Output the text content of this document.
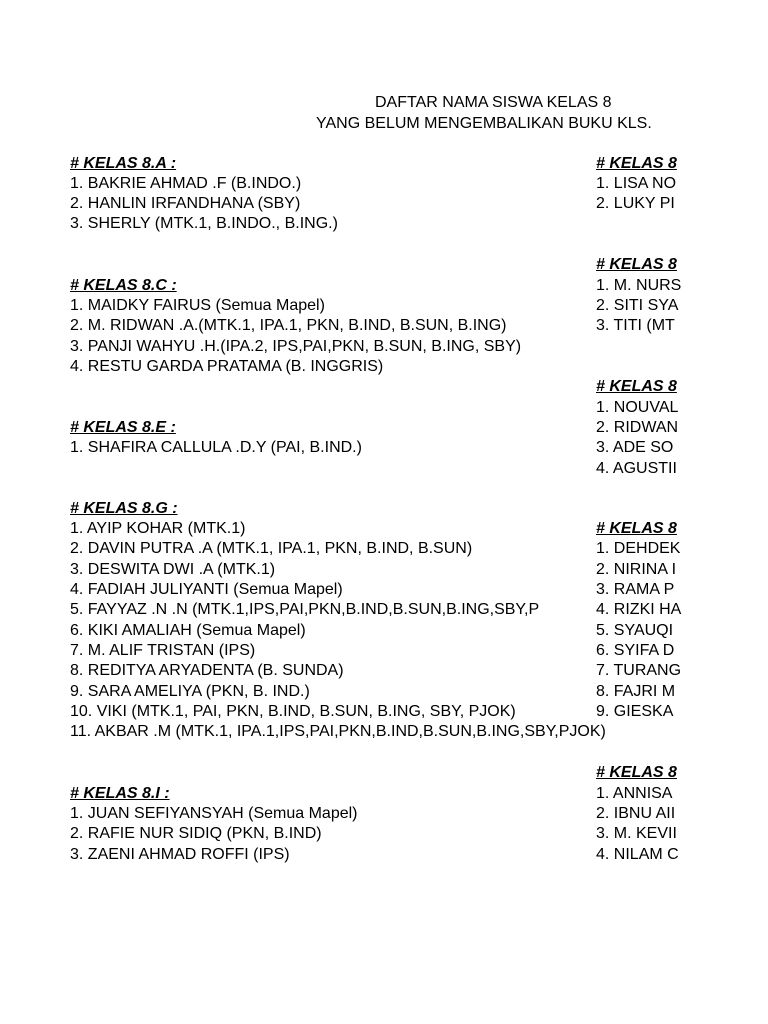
DAFTAR NAMA SISWA KELAS 8
YANG BELUM MENGEMBALIKAN BUKU KLS.
# KELAS 8.A :
1. BAKRIE AHMAD .F (B.INDO.)
2. HANLIN IRFANDHANA (SBY)
3. SHERLY (MTK.1, B.INDO., B.ING.)
# KELAS 8.C :
1. MAIDKY FAIRUS (Semua Mapel)
2. M. RIDWAN .A.(MTK.1, IPA.1, PKN, B.IND, B.SUN, B.ING)
3. PANJI WAHYU .H.(IPA.2, IPS,PAI,PKN, B.SUN, B.ING, SBY)
4. RESTU GARDA PRATAMA (B. INGGRIS)
# KELAS 8.E :
1. SHAFIRA CALLULA .D.Y (PAI, B.IND.)
# KELAS 8.G :
1. AYIP KOHAR (MTK.1)
2. DAVIN PUTRA .A (MTK.1, IPA.1, PKN, B.IND, B.SUN)
3. DESWITA DWI .A (MTK.1)
4. FADIAH JULIYANTI (Semua Mapel)
5. FAYYAZ .N .N (MTK.1,IPS,PAI,PKN,B.IND,B.SUN,B.ING,SBY,P
6. KIKI AMALIAH (Semua Mapel)
7. M. ALIF TRISTAN (IPS)
8. REDITYA ARYADENTA (B. SUNDA)
9. SARA AMELIYA (PKN, B. IND.)
10. VIKI (MTK.1, PAI, PKN, B.IND, B.SUN, B.ING, SBY, PJOK)
11. AKBAR .M (MTK.1, IPA.1,IPS,PAI,PKN,B.IND,B.SUN,B.ING,SBY,PJOK)
# KELAS 8.I :
1. JUAN SEFIYANSYAH (Semua Mapel)
2. RAFIE NUR SIDIQ (PKN, B.IND)
3. ZAENI AHMAD ROFFI (IPS)
# KELAS 8
1. LISA NO
2. LUKY PI
# KELAS 8
1. M. NURS
2. SITI SYA
3. TITI (MT
# KELAS 8
1. NOUVAL
2. RIDWAN
3. ADE SO
4. AGUSTII
# KELAS 8
1. DEHDEK
2. NIRINA I
3. RAMA P
4. RIZKI HA
5. SYAUQI
6. SYIFA D
7. TURANG
8. FAJRI M
9. GIESKA
# KELAS 8
1. ANNISA
2. IBNU AII
3. M. KEVII
4. NILAM C
